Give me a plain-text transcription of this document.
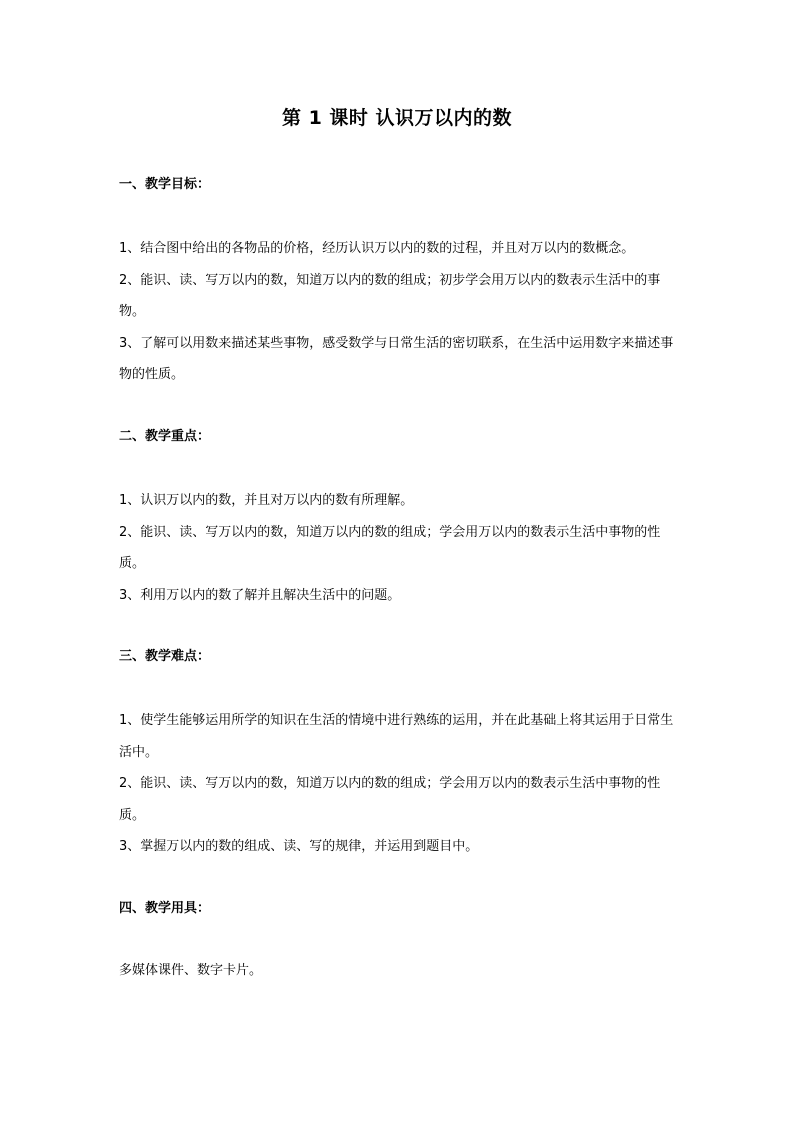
第 1 课时 认识万以内的数
一、教学目标：

1、结合图中给出的各物品的价格，经历认识万以内的数的过程，并且对万以内的数概念。

2、能识、读、写万以内的数，知道万以内的数的组成；初步学会用万以内的数表示生活中的事物。

3、了解可以用数来描述某些事物，感受数学与日常生活的密切联系，在生活中运用数字来描述事物的性质。

二、教学重点：

1、认识万以内的数，并且对万以内的数有所理解。

2、能识、读、写万以内的数，知道万以内的数的组成；学会用万以内的数表示生活中事物的性质。

3、利用万以内的数了解并且解决生活中的问题。

三、教学难点：

1、使学生能够运用所学的知识在生活的情境中进行熟练的运用，并在此基础上将其运用于日常生活中。

2、能识、读、写万以内的数，知道万以内的数的组成；学会用万以内的数表示生活中事物的性质。

3、掌握万以内的数的组成、读、写的规律，并运用到题目中。

四、教学用具：

多媒体课件、数字卡片。
